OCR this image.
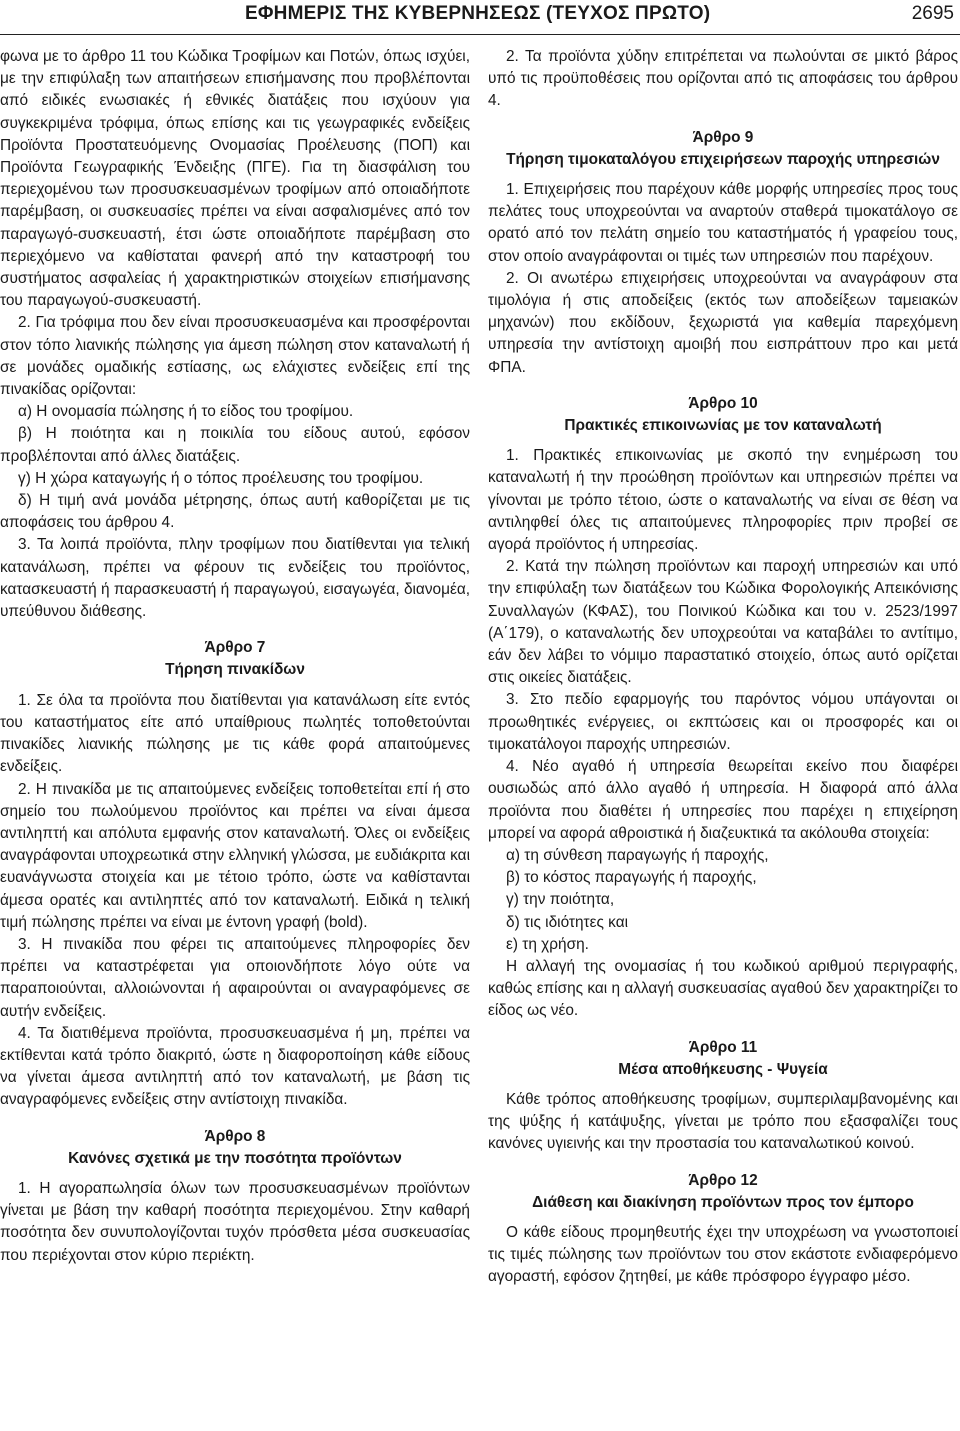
ΕΦΗΜΕΡΙΣ ΤΗΣ ΚΥΒΕΡΝΗΣΕΩΣ (ΤΕΥΧΟΣ ΠΡΩΤΟ)	2695

φωνα με το άρθρο 11 του Κώδικα Τροφίμων και Ποτών, όπως ισχύει, με την επιφύλαξη των απαιτήσεων επισήμανσης που προβλέπονται από ειδικές ενωσιακές ή εθνικές διατάξεις που ισχύουν για συγκεκριμένα τρόφιμα, όπως επίσης και τις γεωγραφικές ενδείξεις Προϊόντα Προστατευόμενης Ονομασίας Προέλευσης (ΠΟΠ) και Προϊόντα Γεωγραφικής Ένδειξης (ΠΓΕ). Για τη διασφάλιση του περιεχομένου των προσυσκευασμένων τροφίμων από οποιαδήποτε παρέμβαση, οι συσκευασίες πρέπει να είναι ασφαλισμένες από τον παραγωγό-συσκευαστή, έτσι ώστε οποιαδήποτε παρέμβαση στο περιεχόμενο να καθίσταται φανερή από την καταστροφή του συστήματος ασφαλείας ή χαρακτηριστικών στοιχείων επισήμανσης του παραγωγού-συσκευαστή.

2. Για τρόφιμα που δεν είναι προσυσκευασμένα και προσφέρονται στον τόπο λιανικής πώλησης για άμεση πώληση στον καταναλωτή ή σε μονάδες ομαδικής εστίασης, ως ελάχιστες ενδείξεις επί της πινακίδας ορίζονται:

α) Η ονομασία πώλησης ή το είδος του τροφίμου.

β) Η ποιότητα και η ποικιλία του είδους αυτού, εφόσον προβλέπονται από άλλες διατάξεις.

γ) Η χώρα καταγωγής ή ο τόπος προέλευσης του τροφίμου.

δ) Η τιμή ανά μονάδα μέτρησης, όπως αυτή καθορίζεται με τις αποφάσεις του άρθρου 4.

3. Τα λοιπά προϊόντα, πλην τροφίμων που διατίθενται για τελική κατανάλωση, πρέπει να φέρουν τις ενδείξεις του προϊόντος, κατασκευαστή ή παρασκευαστή ή παραγωγού, εισαγωγέα, διανομέα, υπεύθυνου διάθεσης.

Άρθρο 7
Τήρηση πινακίδων

1. Σε όλα τα προϊόντα που διατίθενται για κατανάλωση είτε εντός του καταστήματος είτε από υπαίθριους πωλητές τοποθετούνται πινακίδες λιανικής πώλησης με τις κάθε φορά απαιτούμενες ενδείξεις.

2. Η πινακίδα με τις απαιτούμενες ενδείξεις τοποθετείται επί ή στο σημείο του πωλούμενου προϊόντος και πρέπει να είναι άμεσα αντιληπτή και απόλυτα εμφανής στον καταναλωτή. Όλες οι ενδείξεις αναγράφονται υποχρεωτικά στην ελληνική γλώσσα, με ευδιάκριτα και ευανάγνωστα στοιχεία και με τέτοιο τρόπο, ώστε να καθίστανται άμεσα ορατές και αντιληπτές από τον καταναλωτή. Ειδικά η τελική τιμή πώλησης πρέπει να είναι με έντονη γραφή (bold).

3. Η πινακίδα που φέρει τις απαιτούμενες πληροφορίες δεν πρέπει να καταστρέφεται για οποιονδήποτε λόγο ούτε να παραποιούνται, αλλοιώνονται ή αφαιρούνται οι αναγραφόμενες σε αυτήν ενδείξεις.

4. Τα διατιθέμενα προϊόντα, προσυσκευασμένα ή μη, πρέπει να εκτίθενται κατά τρόπο διακριτό, ώστε η διαφοροποίηση κάθε είδους να γίνεται άμεσα αντιληπτή από τον καταναλωτή, με βάση τις αναγραφόμενες ενδείξεις στην αντίστοιχη πινακίδα.

Άρθρο 8
Κανόνες σχετικά με την ποσότητα προϊόντων

1. Η αγοραπωλησία όλων των προσυσκευασμένων προϊόντων γίνεται με βάση την καθαρή ποσότητα περιεχομένου. Στην καθαρή ποσότητα δεν συνυπολογίζονται τυχόν πρόσθετα μέσα συσκευασίας που περιέχονται στον κύριο περιέκτη.

2. Τα προϊόντα χύδην επιτρέπεται να πωλούνται σε μικτό βάρος υπό τις προϋποθέσεις που ορίζονται από τις αποφάσεις του άρθρου 4.

Άρθρο 9
Τήρηση τιμοκαταλόγου επιχειρήσεων παροχής υπηρεσιών

1. Επιχειρήσεις που παρέχουν κάθε μορφής υπηρεσίες προς τους πελάτες τους υποχρεούνται να αναρτούν σταθερά τιμοκατάλογο σε ορατό από τον πελάτη σημείο του καταστήματός ή γραφείου τους, στον οποίο αναγράφονται οι τιμές των υπηρεσιών που παρέχουν.

2. Οι ανωτέρω επιχειρήσεις υποχρεούνται να αναγράφουν στα τιμολόγια ή στις αποδείξεις (εκτός των αποδείξεων ταμειακών μηχανών) που εκδίδουν, ξεχωριστά για καθεμία παρεχόμενη υπηρεσία την αντίστοιχη αμοιβή που εισπράττουν προ και μετά ΦΠΑ.

Άρθρο 10
Πρακτικές επικοινωνίας με τον καταναλωτή

1. Πρακτικές επικοινωνίας με σκοπό την ενημέρωση του καταναλωτή ή την προώθηση προϊόντων και υπηρεσιών πρέπει να γίνονται με τρόπο τέτοιο, ώστε ο καταναλωτής να είναι σε θέση να αντιληφθεί όλες τις απαιτούμενες πληροφορίες πριν προβεί σε αγορά προϊόντος ή υπηρεσίας.

2. Κατά την πώληση προϊόντων και παροχή υπηρεσιών και υπό την επιφύλαξη των διατάξεων του Κώδικα Φορολογικής Απεικόνισης Συναλλαγών (ΚΦΑΣ), του Ποινικού Κώδικα και του ν. 2523/1997 (Α΄179), ο καταναλωτής δεν υποχρεούται να καταβάλει το αντίτιμο, εάν δεν λάβει το νόμιμο παραστατικό στοιχείο, όπως αυτό ορίζεται στις οικείες διατάξεις.

3. Στο πεδίο εφαρμογής του παρόντος νόμου υπάγονται οι προωθητικές ενέργειες, οι εκπτώσεις και οι προσφορές και οι τιμοκατάλογοι παροχής υπηρεσιών.

4. Νέο αγαθό ή υπηρεσία θεωρείται εκείνο που διαφέρει ουσιωδώς από άλλο αγαθό ή υπηρεσία. Η διαφορά από άλλα προϊόντα που διαθέτει ή υπηρεσίες που παρέχει η επιχείρηση μπορεί να αφορά αθροιστικά ή διαζευκτικά τα ακόλουθα στοιχεία:

α) τη σύνθεση παραγωγής ή παροχής,

β) το κόστος παραγωγής ή παροχής,

γ) την ποιότητα,

δ) τις ιδιότητες και

ε) τη χρήση.

Η αλλαγή της ονομασίας ή του κωδικού αριθμού περιγραφής, καθώς επίσης και η αλλαγή συσκευασίας αγαθού δεν χαρακτηρίζει το είδος ως νέο.

Άρθρο 11
Μέσα αποθήκευσης - Ψυγεία

Κάθε τρόπος αποθήκευσης τροφίμων, συμπεριλαμβανομένης και της ψύξης ή κατάψυξης, γίνεται με τρόπο που εξασφαλίζει τους κανόνες υγιεινής και την προστασία του καταναλωτικού κοινού.

Άρθρο 12
Διάθεση και διακίνηση προϊόντων προς τον έμπορο

Ο κάθε είδους προμηθευτής έχει την υποχρέωση να γνωστοποιεί τις τιμές πώλησης των προϊόντων του στον εκάστοτε ενδιαφερόμενο αγοραστή, εφόσον ζητηθεί, με κάθε πρόσφορο έγγραφο μέσο.
